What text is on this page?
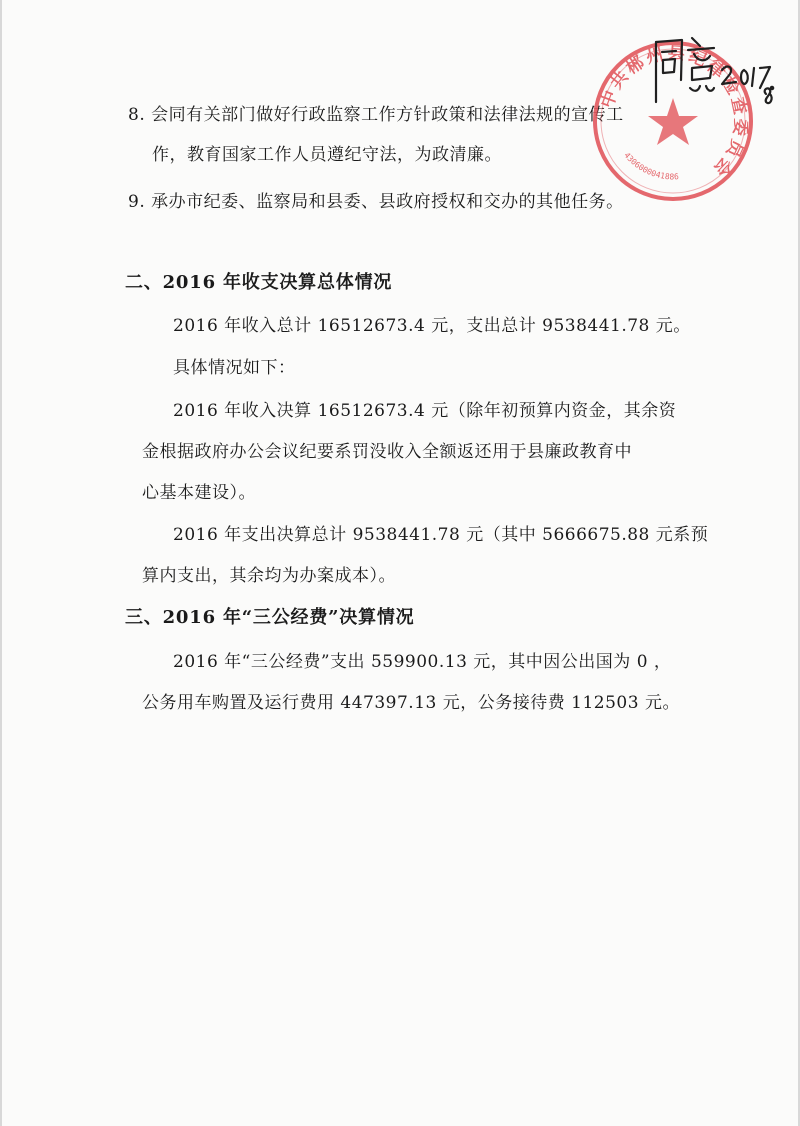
8. 会同有关部门做好行政监察工作方针政策和法律法规的宣传工
作，教育国家工作人员遵纪守法，为政清廉。
9. 承办市纪委、监察局和县委、县政府授权和交办的其他任务。
二、2016 年收支决算总体情况
2016 年收入总计 16512673.4 元，支出总计 9538441.78 元。
具体情况如下：
2016 年收入决算 16512673.4 元（除年初预算内资金，其余资
金根据政府办公会议纪要系罚没收入全额返还用于县廉政教育中
心基本建设）。
2016 年支出决算总计 9538441.78 元（其中 5666675.88 元系预
算内支出，其余均为办案成本）。
三、2016 年“三公经费”决算情况
2016 年“三公经费”支出 559900.13 元，其中因公出国为 0 ，
公务用车购置及运行费用 447397.13 元，公务接待费 112503 元。
中共郴州县纪律检查委员会
4306000041886
